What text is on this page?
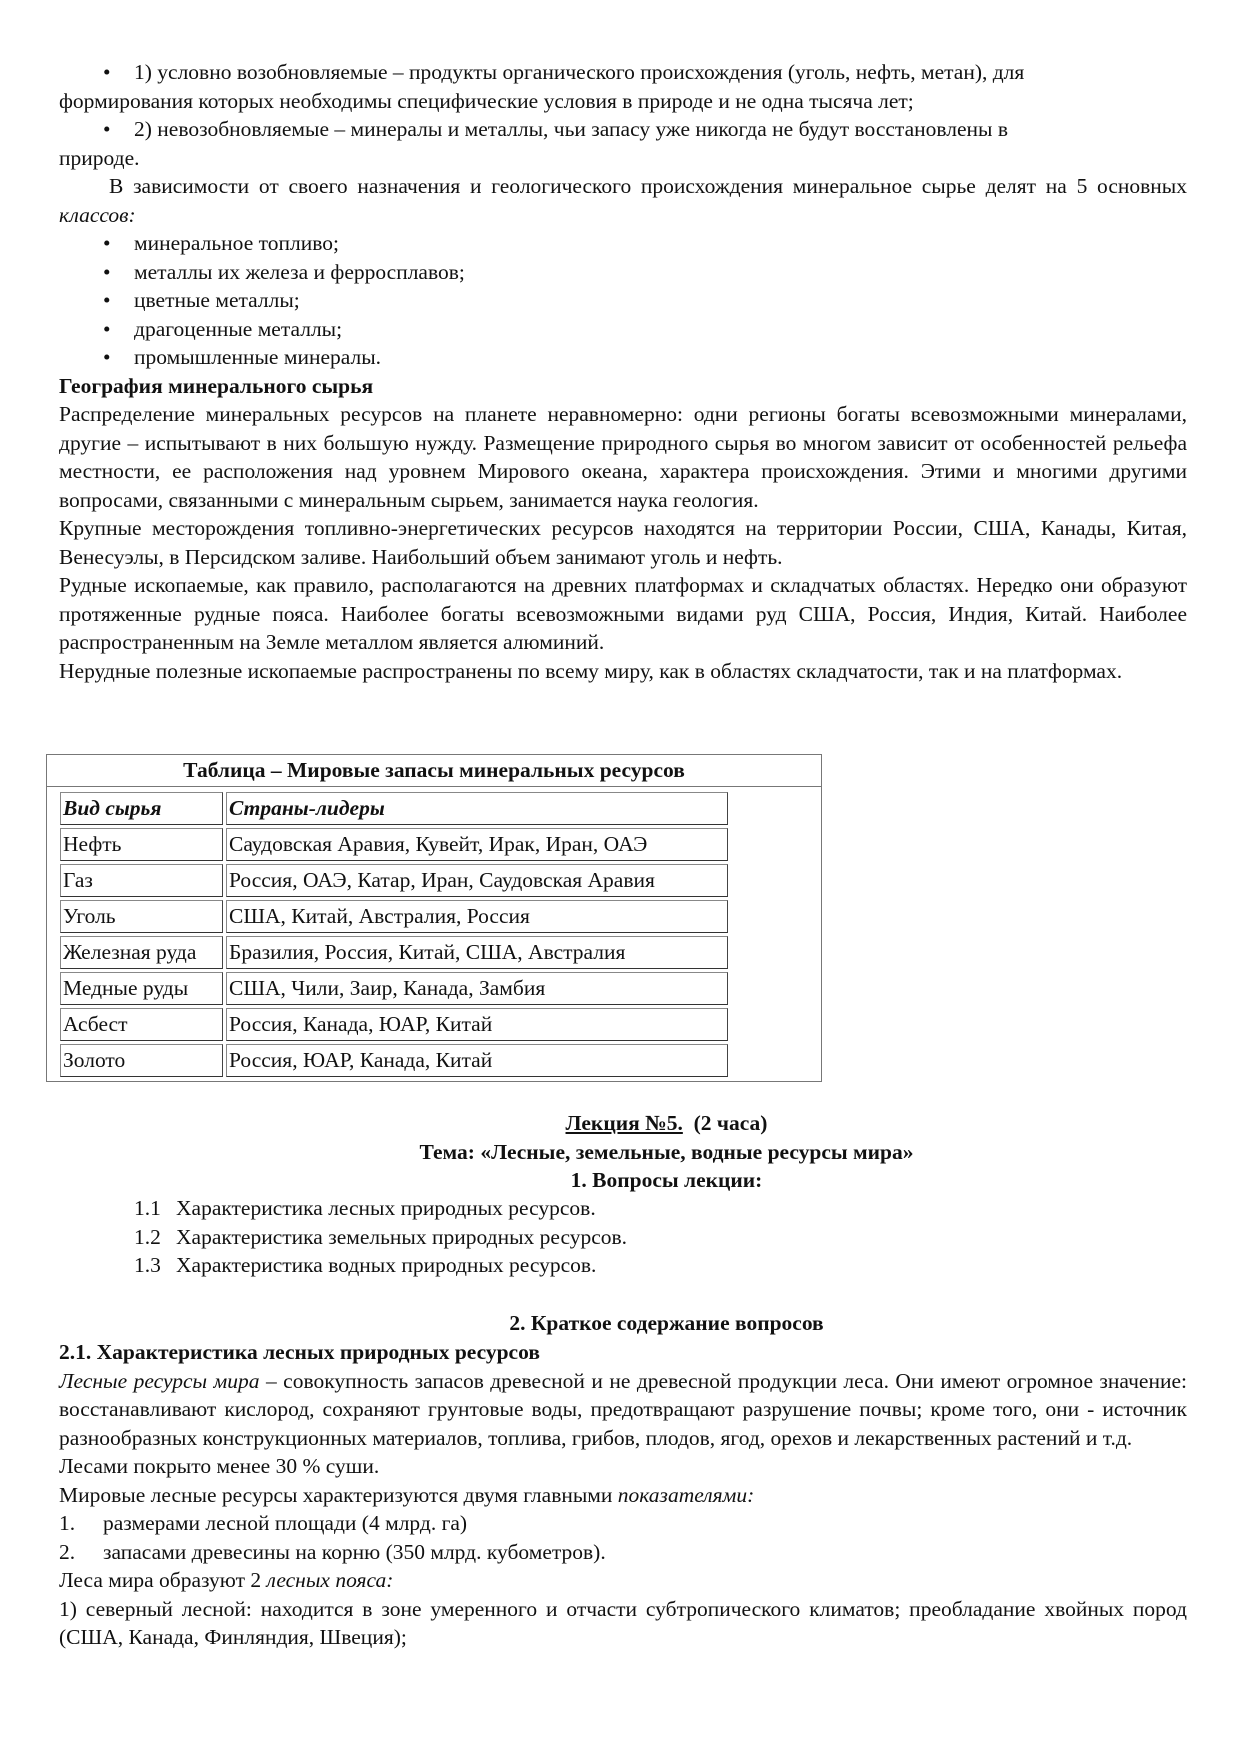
• 1) условно возобновляемые – продукты органического происхождения (уголь, нефть, метан), для
формирования которых необходимы специфические условия в природе и не одна тысяча лет;
• 2) невозобновляемые – минералы и металлы, чьи запасу уже никогда не будут восстановлены в
природе.

В зависимости от своего назначения и геологического происхождения минеральное сырье делят на 5 основных классов:

• минеральное топливо;
• металлы их железа и ферросплавов;
• цветные металлы;
• драгоценные металлы;
• промышленные минералы.
География минерального сырья

Распределение минеральных ресурсов на планете неравномерно: одни регионы богаты всевозможными минералами, другие – испытывают в них большую нужду. Размещение природного сырья во многом зависит от особенностей рельефа местности, ее расположения над уровнем Мирового океана, характера происхождения. Этими и многими другими вопросами, связанными с минеральным сырьем, занимается наука геология.

Крупные месторождения топливно-энергетических ресурсов находятся на территории России, США, Канады, Китая, Венесуэлы, в Персидском заливе. Наибольший объем занимают уголь и нефть.

Рудные ископаемые, как правило, располагаются на древних платформах и складчатых областях. Нередко они образуют протяженные рудные пояса. Наиболее богаты всевозможными видами руд США, Россия, Индия, Китай. Наиболее распространенным на Земле металлом является алюминий.

Нерудные полезные ископаемые распространены по всему миру, как в областях складчатости, так и на платформах.

Таблица – Мировые запасы минеральных ресурсов
Вид сырья	Страны-лидеры
Нефть	Саудовская Аравия, Кувейт, Ирак, Иран, ОАЭ
Газ	Россия, ОАЭ, Катар, Иран, Саудовская Аравия
Уголь	США, Китай, Австралия, Россия
Железная руда	Бразилия, Россия, Китай, США, Австралия
Медные руды	США, Чили, Заир, Канада, Замбия
Асбест	Россия, Канада, ЮАР, Китай
Золото	Россия, ЮАР, Канада, Китай
Лекция №5. (2 часа)
Тема: «Лесные, земельные, водные ресурсы мира»
1. Вопросы лекции:
1.1 Характеристика лесных природных ресурсов.
1.2 Характеристика земельных природных ресурсов.
1.3 Характеристика водных природных ресурсов.
2. Краткое содержание вопросов
2.1. Характеристика лесных природных ресурсов

Лесные ресурсы мира – совокупность запасов древесной и не древесной продукции леса. Они имеют огромное значение: восстанавливают кислород, сохраняют грунтовые воды, предотвращают разрушение почвы; кроме того, они - источник разнообразных конструкционных материалов, топлива, грибов, плодов, ягод, орехов и лекарственных растений и т.д.

Лесами покрыто менее 30 % суши.

Мировые лесные ресурсы характеризуются двумя главными показателями:

1. размерами лесной площади (4 млрд. га)
2. запасами древесины на корню (350 млрд. кубометров).

Леса мира образуют 2 лесных пояса:

1) северный лесной: находится в зоне умеренного и отчасти субтропического климатов; преобладание хвойных пород (США, Канада, Финляндия, Швеция);
